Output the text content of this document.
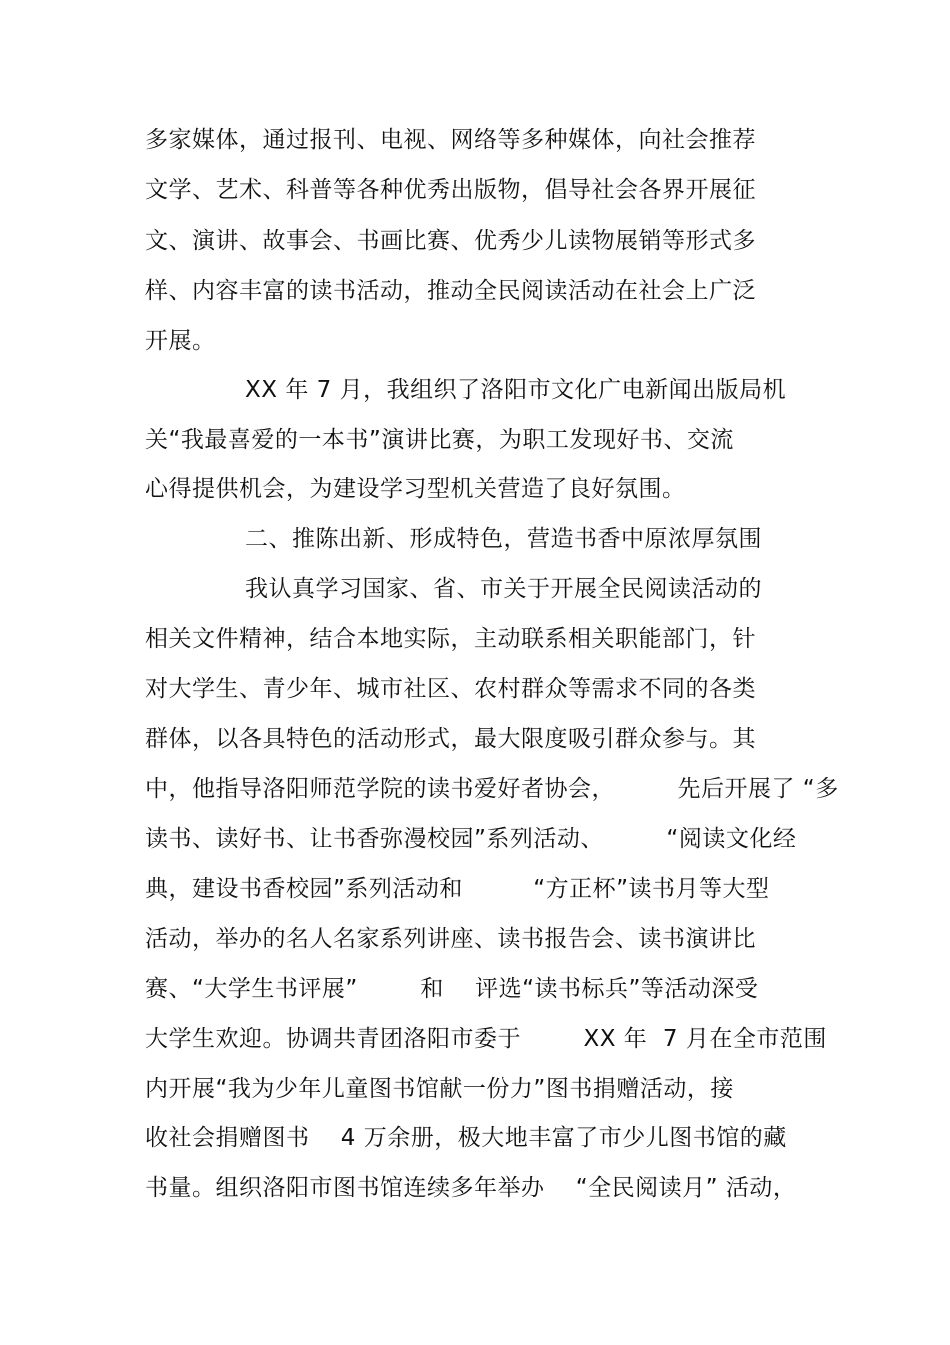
多家媒体，通过报刊、电视、网络等多种媒体，向社会推荐
文学、艺术、科普等各种优秀出版物，倡导社会各界开展征
文、演讲、故事会、书画比赛、优秀少儿读物展销等形式多
样、内容丰富的读书活动，推动全民阅读活动在社会上广泛
开展。
XX 年 7 月，我组织了洛阳市文化广电新闻出版局机
关“我最喜爱的一本书”演讲比赛，为职工发现好书、交流
心得提供机会，为建设学习型机关营造了良好氛围。
二、推陈出新、形成特色，营造书香中原浓厚氛围
我认真学习国家、省、市关于开展全民阅读活动的
相关文件精神，结合本地实际，主动联系相关职能部门，针
对大学生、青少年、城市社区、农村群众等需求不同的各类
群体，以各具特色的活动形式，最大限度吸引群众参与。其
中，他指导洛阳师范学院的读书爱好者协会，        先后开展了 “多
读书、读好书、让书香弥漫校园”系列活动、        “阅读文化经
典，建设书香校园”系列活动和         “方正杯”读书月等大型
活动，举办的名人名家系列讲座、读书报告会、读书演讲比
赛、“大学生书评展”        和    评选“读书标兵”等活动深受
大学生欢迎。协调共青团洛阳市委于        XX 年  7 月在全市范围
内开展“我为少年儿童图书馆献一份力”图书捐赠活动，接
收社会捐赠图书    4 万余册，极大地丰富了市少儿图书馆的藏
书量。组织洛阳市图书馆连续多年举办    “全民阅读月” 活动，
